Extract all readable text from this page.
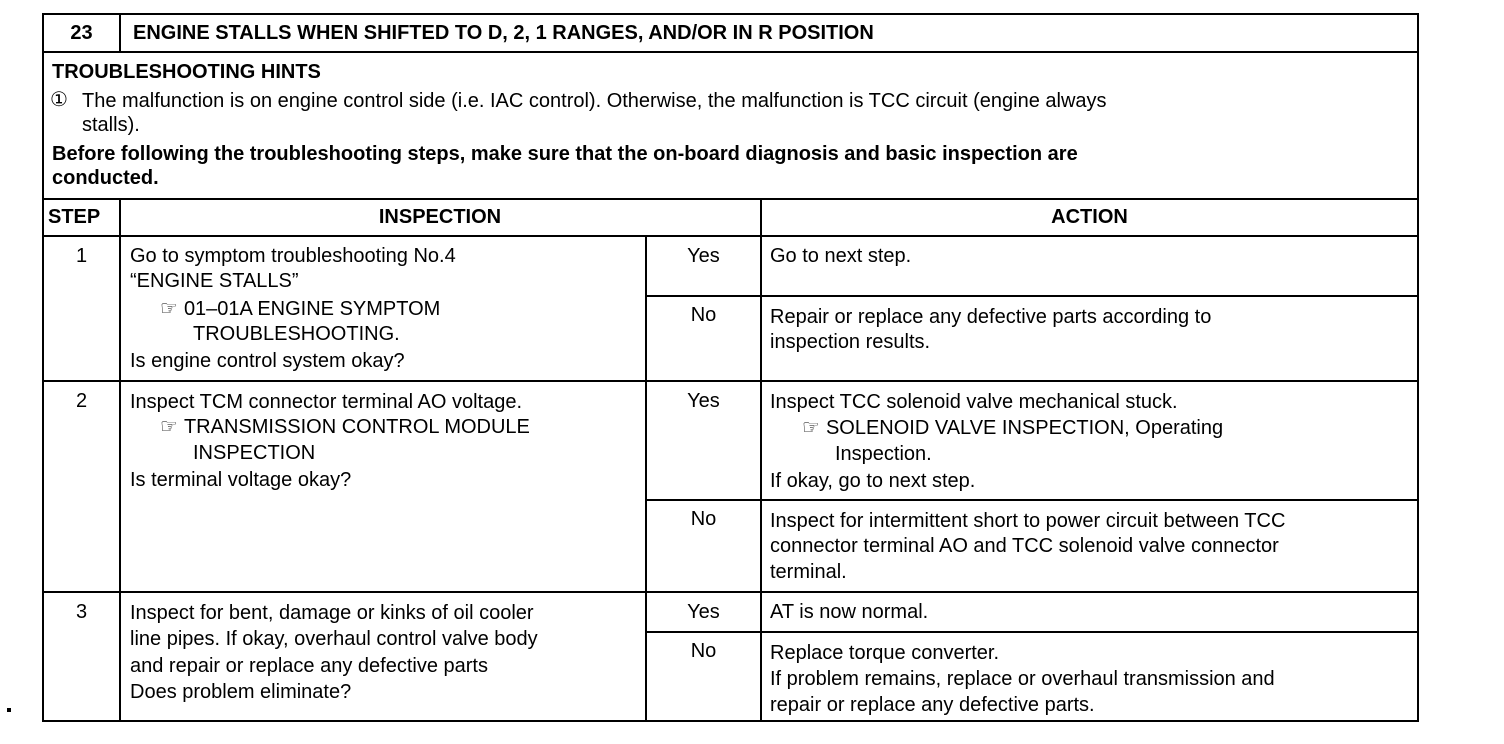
23	ENGINE STALLS WHEN SHIFTED TO D, 2, 1 RANGES, AND/OR IN R POSITION
TROUBLESHOOTING HINTS
① The malfunction is on engine control side (i.e. IAC control). Otherwise, the malfunction is TCC circuit (engine always
stalls).
Before following the troubleshooting steps, make sure that the on-board diagnosis and basic inspection are
conducted.
STEP	INSPECTION	ACTION
1	Go to symptom troubleshooting No.4
“ENGINE STALLS”
☞ 01–01A ENGINE SYMPTOM
TROUBLESHOOTING.
Is engine control system okay?
Yes	Go to next step.
No	Repair or replace any defective parts according to
inspection results.
2	Inspect TCM connector terminal AO voltage.
☞ TRANSMISSION CONTROL MODULE
INSPECTION
Is terminal voltage okay?
Yes	Inspect TCC solenoid valve mechanical stuck.
☞ SOLENOID VALVE INSPECTION, Operating
Inspection.
If okay, go to next step.
No	Inspect for intermittent short to power circuit between TCC
connector terminal AO and TCC solenoid valve connector
terminal.
3	Inspect for bent, damage or kinks of oil cooler
line pipes. If okay, overhaul control valve body
and repair or replace any defective parts
Does problem eliminate?
Yes	AT is now normal.
No	Replace torque converter.
If problem remains, replace or overhaul transmission and
repair or replace any defective parts.
